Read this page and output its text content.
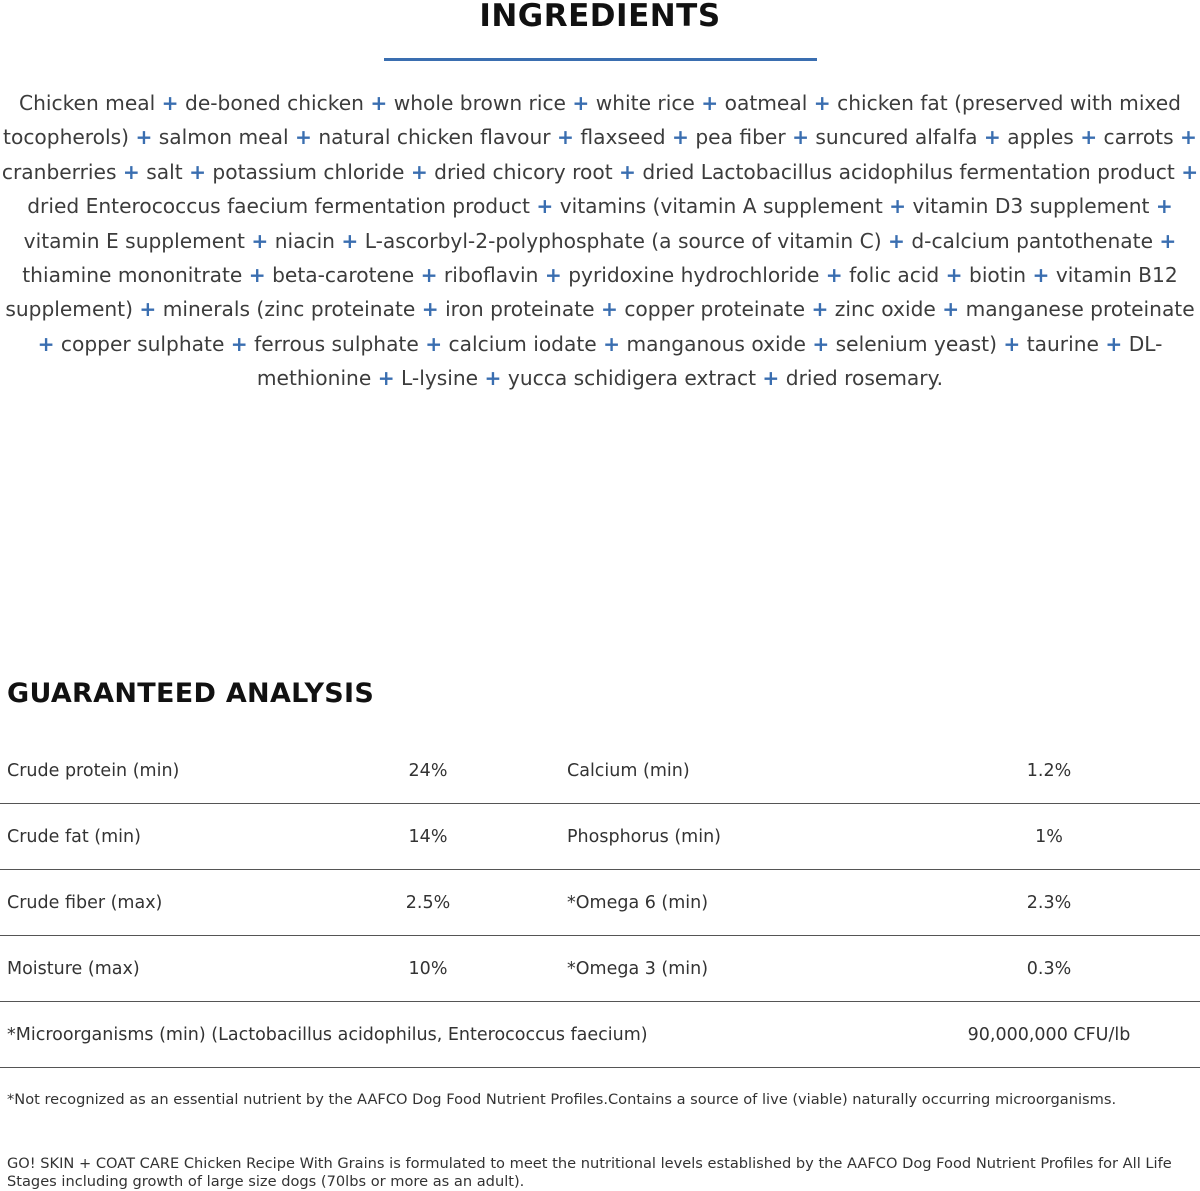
INGREDIENTS
Chicken meal + de-boned chicken + whole brown rice + white rice + oatmeal + chicken fat (preserved with mixed tocopherols) + salmon meal + natural chicken flavour + flaxseed + pea fiber + suncured alfalfa + apples + carrots + cranberries + salt + potassium chloride + dried chicory root + dried Lactobacillus acidophilus fermentation product + dried Enterococcus faecium fermentation product + vitamins (vitamin A supplement + vitamin D3 supplement + vitamin E supplement + niacin + L-ascorbyl-2-polyphosphate (a source of vitamin C) + d-calcium pantothenate + thiamine mononitrate + beta-carotene + riboflavin + pyridoxine hydrochloride + folic acid + biotin + vitamin B12 supplement) + minerals (zinc proteinate + iron proteinate + copper proteinate + zinc oxide + manganese proteinate + copper sulphate + ferrous sulphate + calcium iodate + manganous oxide + selenium yeast) + taurine + DL-methionine + L-lysine + yucca schidigera extract + dried rosemary.
GUARANTEED ANALYSIS
Crude protein (min)	24%	Calcium (min)	1.2%
Crude fat (min)	14%	Phosphorus (min)	1%
Crude fiber (max)	2.5%	*Omega 6 (min)	2.3%
Moisture (max)	10%	*Omega 3 (min)	0.3%
*Microorganisms (min) (Lactobacillus acidophilus, Enterococcus faecium)	90,000,000 CFU/lb

*Not recognized as an essential nutrient by the AAFCO Dog Food Nutrient Profiles.Contains a source of live (viable) naturally occurring microorganisms.

GO! SKIN + COAT CARE Chicken Recipe With Grains is formulated to meet the nutritional levels established by the AAFCO Dog Food Nutrient Profiles for All Life Stages including growth of large size dogs (70lbs or more as an adult).
